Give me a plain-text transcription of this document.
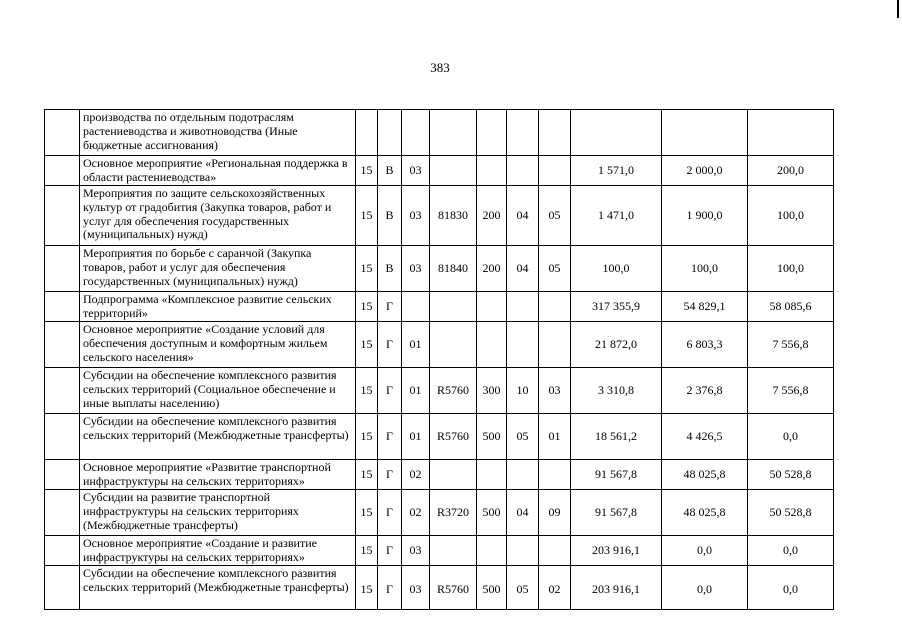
383
	производства по отдельным подотраслям растениеводства и животноводства (Иные бюджетные ассигнования)										
	Основное мероприятие «Региональная поддержка в области растениеводства»	15	В	03					1 571,0	2 000,0	200,0
	Мероприятия по защите сельскохозяйственных культур от градобития (Закупка товаров, работ и услуг для обеспечения государственных (муниципальных) нужд)	15	В	03	81830	200	04	05	1 471,0	1 900,0	100,0
	Мероприятия по борьбе с саранчой (Закупка товаров, работ и услуг для обеспечения государственных (муниципальных) нужд)	15	В	03	81840	200	04	05	100,0	100,0	100,0
	Подпрограмма «Комплексное развитие сельских территорий»	15	Г						317 355,9	54 829,1	58 085,6
	Основное мероприятие «Создание условий для обеспечения доступным и комфортным жильем сельского населения»	15	Г	01					21 872,0	6 803,3	7 556,8
	Субсидии на обеспечение комплексного развития сельских территорий (Социальное обеспечение и иные выплаты населению)	15	Г	01	R5760	300	10	03	3 310,8	2 376,8	7 556,8
	Субсидии на обеспечение комплексного развития сельских территорий (Межбюджетные трансферты)	15	Г	01	R5760	500	05	01	18 561,2	4 426,5	0,0
	Основное мероприятие «Развитие транспортной инфраструктуры на сельских территориях»	15	Г	02					91 567,8	48 025,8	50 528,8
	Субсидии на развитие транспортной инфраструктуры на сельских территориях (Межбюджетные трансферты)	15	Г	02	R3720	500	04	09	91 567,8	48 025,8	50 528,8
	Основное мероприятие «Создание и развитие инфраструктуры на сельских территориях»	15	Г	03					203 916,1	0,0	0,0
	Субсидии на обеспечение комплексного развития сельских территорий (Межбюджетные трансферты)	15	Г	03	R5760	500	05	02	203 916,1	0,0	0,0
